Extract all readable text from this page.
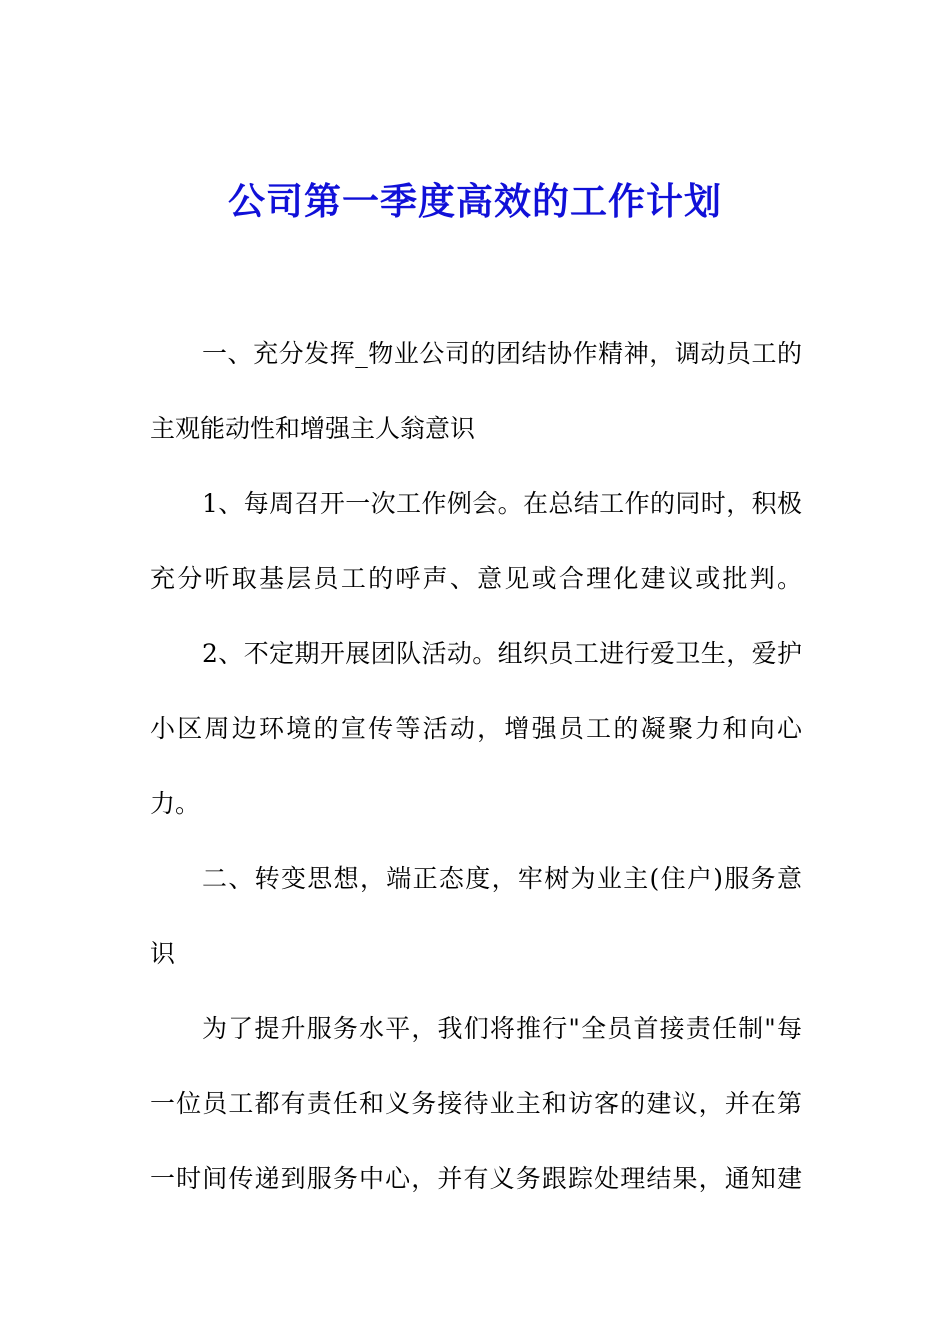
公司第一季度高效的工作计划
一、充分发挥_物业公司的团结协作精神，调动员工的
主观能动性和增强主人翁意识
1、每周召开一次工作例会。在总结工作的同时，积极
充分听取基层员工的呼声、意见或合理化建议或批判。
2、不定期开展团队活动。组织员工进行爱卫生，爱护
小区周边环境的宣传等活动，增强员工的凝聚力和向心
力。
二、转变思想，端正态度，牢树为业主(住户)服务意
识
为了提升服务水平，我们将推行"全员首接责任制"每
一位员工都有责任和义务接待业主和访客的建议，并在第
一时间传递到服务中心，并有义务跟踪处理结果，通知建
